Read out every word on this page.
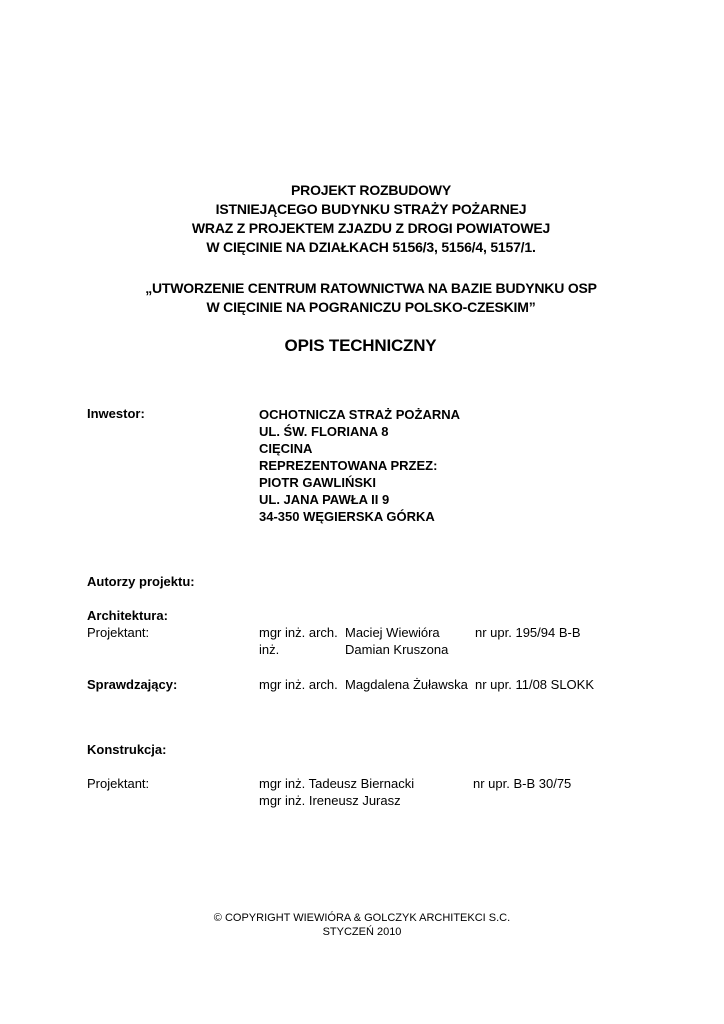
PROJEKT ROZBUDOWY
ISTNIEJĄCEGO BUDYNKU STRAŻY POŻARNEJ
WRAZ Z PROJEKTEM ZJAZDU Z DROGI POWIATOWEJ
W CIĘCINIE NA DZIAŁKACH 5156/3, 5156/4, 5157/1.
„UTWORZENIE CENTRUM RATOWNICTWA NA BAZIE BUDYNKU OSP
W CIĘCINIE NA POGRANICZU POLSKO-CZESKIM”
OPIS TECHNICZNY
Inwestor:	OCHOTNICZA STRAŻ POŻARNA
UL. ŚW. FLORIANA 8
CIĘCINA
REPREZENTOWANA PRZEZ:
PIOTR GAWLIŃSKI
UL. JANA PAWŁA II 9
34-350 WĘGIERSKA GÓRKA
Autorzy projektu:
Architektura:
Projektant:	mgr inż. arch. Maciej Wiewióra	nr upr. 195/94 B-B
inż.	Damian Kruszona
Sprawdzający:	mgr inż. arch. Magdalena Żuławska nr upr. 11/08 SLOKK
Konstrukcja:
Projektant:	mgr inż. Tadeusz Biernacki	nr upr. B-B 30/75
mgr inż. Ireneusz Jurasz
© COPYRIGHT WIEWIÓRA & GOLCZYK ARCHITEKCI S.C.
STYCZEŃ 2010
